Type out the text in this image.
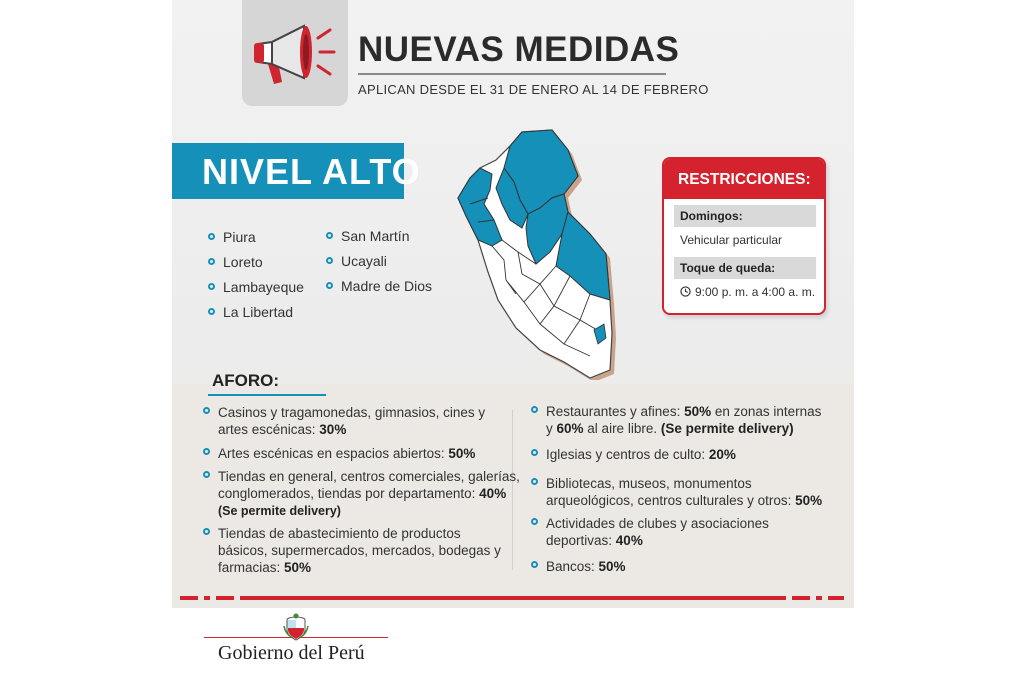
NUEVAS MEDIDAS
APLICAN DESDE EL 31 DE ENERO AL 14 DE FEBRERO
NIVEL ALTO
Piura
Loreto
Lambayeque
La Libertad
San Martín
Ucayali
Madre de Dios
RESTRICCIONES:
Domingos:
Vehicular particular
Toque de queda:
9:00 p. m. a 4:00 a. m.
AFORO:
Casinos y tragamonedas, gimnasios, cines y
artes escénicas: 30%
Artes escénicas en espacios abiertos: 50%
Tiendas en general, centros comerciales, galerías,
conglomerados, tiendas por departamento: 40%
(Se permite delivery)
Tiendas de abastecimiento de productos
básicos, supermercados, mercados, bodegas y
farmacias: 50%
Restaurantes y afines: 50% en zonas internas
y 60% al aire libre. (Se permite delivery)
Iglesias y centros de culto: 20%
Bibliotecas, museos, monumentos
arqueológicos, centros culturales y otros: 50%
Actividades de clubes y asociaciones
deportivas: 40%
Bancos: 50%
Gobierno del Perú
